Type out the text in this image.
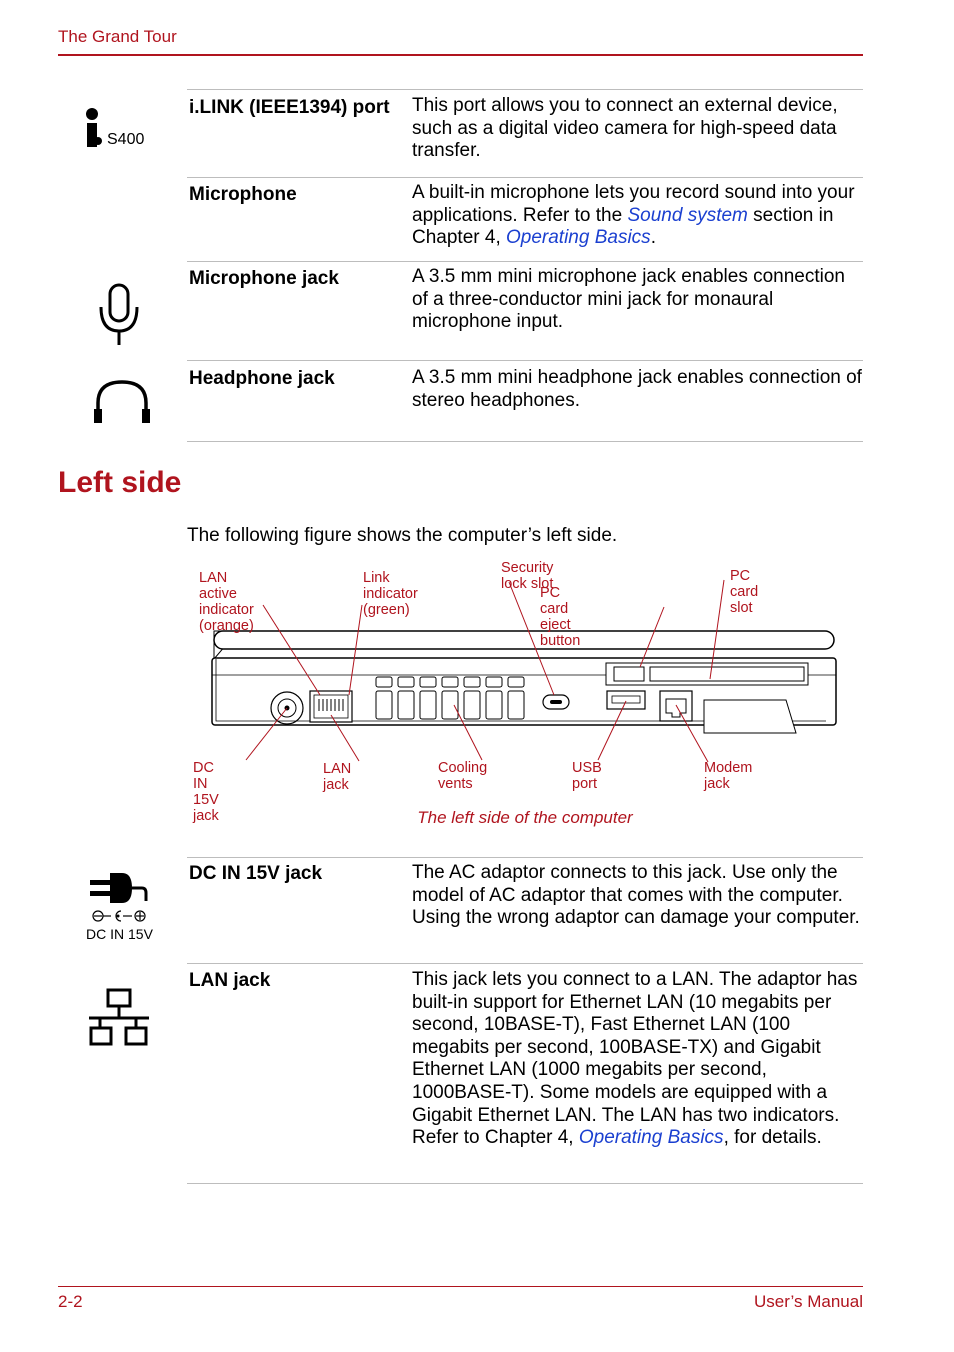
The Grand Tour
S400
i.LINK (IEEE1394) port	This port allows you to connect an external device, such as a digital video camera for high-speed data transfer.
Microphone	A built-in microphone lets you record sound into your applications. Refer to the Sound system section in Chapter 4, Operating Basics.
Microphone jack	A 3.5 mm mini microphone jack enables connection of a three-conductor mini jack for monaural microphone input.
Headphone jack	A 3.5 mm mini headphone jack enables connection of stereo headphones.
Left side
The following figure shows the computer’s left side.
LAN active indicator
(orange)
Link indicator
(green)
Security lock slot
PC card eject button
PC card slot
DC IN 15V jack
LAN jack
Cooling vents
USB port
Modem jack
The left side of the computer
DC IN 15V
DC IN 15V jack	The AC adaptor connects to this jack. Use only the model of AC adaptor that comes with the computer. Using the wrong adaptor can damage your computer.
LAN jack	This jack lets you connect to a LAN. The adaptor has built-in support for Ethernet LAN (10 megabits per second, 10BASE-T), Fast Ethernet LAN (100 megabits per second, 100BASE-TX) and Gigabit Ethernet LAN (1000 megabits per second, 1000BASE-T). Some models are equipped with a Gigabit Ethernet LAN. The LAN has two indicators. Refer to Chapter 4, Operating Basics, for details.
2-2	User’s Manual
